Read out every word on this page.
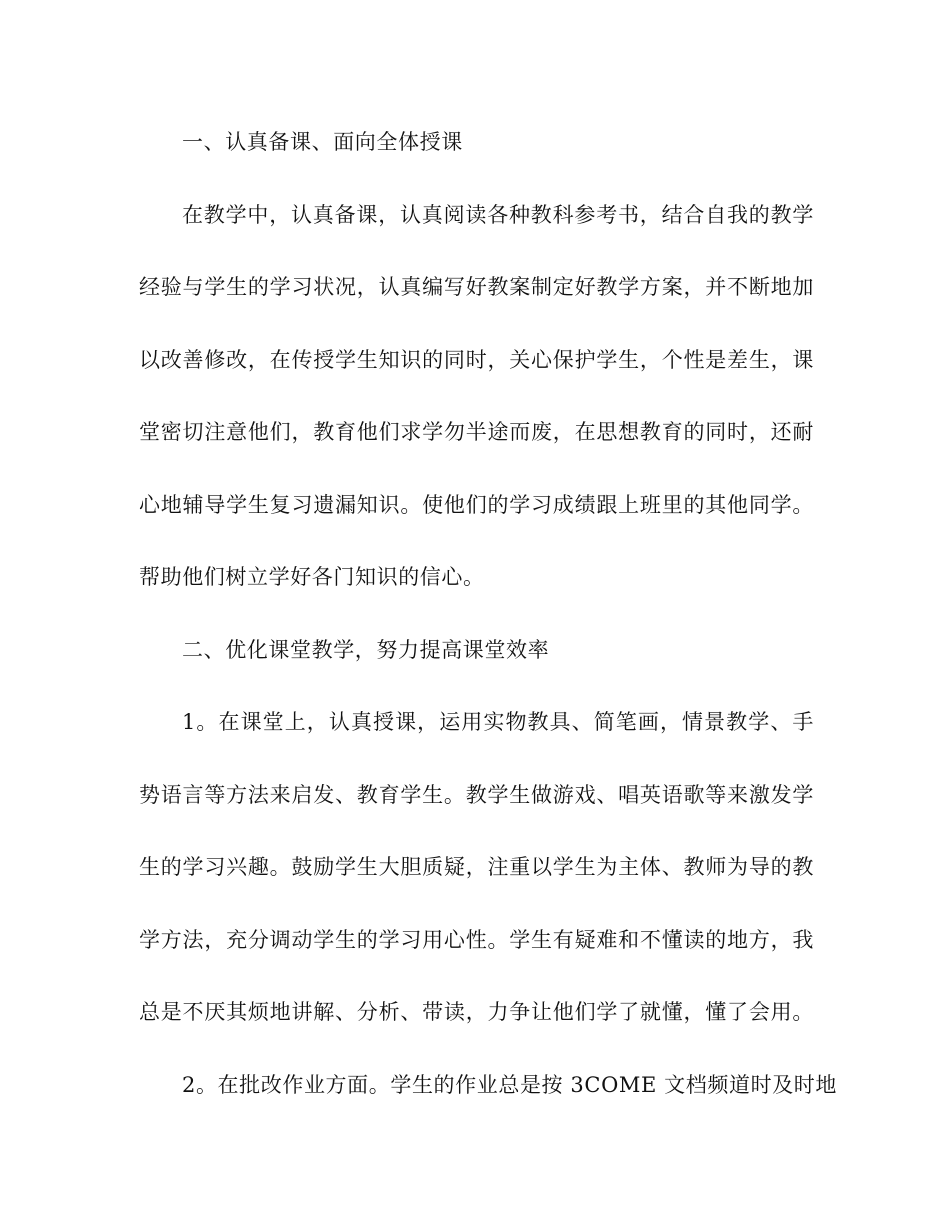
一、认真备课、面向全体授课
在教学中，认真备课，认真阅读各种教科参考书，结合自我的教学
经验与学生的学习状况，认真编写好教案制定好教学方案，并不断地加
以改善修改，在传授学生知识的同时，关心保护学生，个性是差生，课
堂密切注意他们，教育他们求学勿半途而废，在思想教育的同时，还耐
心地辅导学生复习遗漏知识。使他们的学习成绩跟上班里的其他同学。
帮助他们树立学好各门知识的信心。
二、优化课堂教学，努力提高课堂效率
1。在课堂上，认真授课，运用实物教具、简笔画，情景教学、手
势语言等方法来启发、教育学生。教学生做游戏、唱英语歌等来激发学
生的学习兴趣。鼓励学生大胆质疑，注重以学生为主体、教师为导的教
学方法，充分调动学生的学习用心性。学生有疑难和不懂读的地方，我
总是不厌其烦地讲解、分析、带读，力争让他们学了就懂，懂了会用。
2。在批改作业方面。学生的作业总是按 3COME 文档频道时及时地
